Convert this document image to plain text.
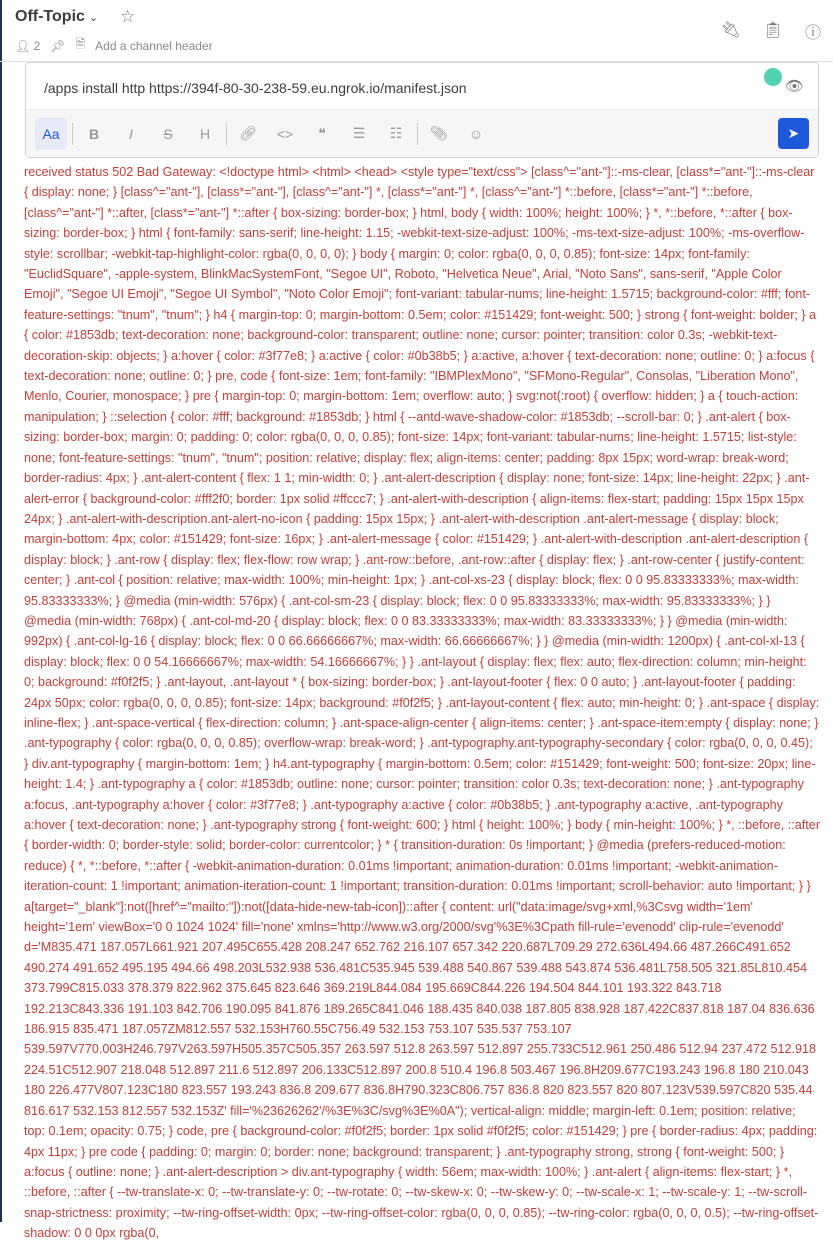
Off-Topic ⌄ ☆
👤︎ 2 📌︎ 🗎 Add a channel header
🔌︎ 📋︎ ⓘ
/apps install http https://394f-80-30-238-59.eu.ngrok.io/manifest.json	👁︎
Aa	B	I	S	H	🔗︎	<>	❝	☰	☷	📎︎	☺	➤
received status 502 Bad Gateway: <!doctype html> <html> <head> <style type="text/css"> [class^="ant-"]::-ms-clear, [class*="ant-"]::-ms-clear { display: none; } [class^="ant-"], [class*="ant-"], [class^="ant-"] *, [class*="ant-"] *, [class^="ant-"] *::before, [class*="ant-"] *::before, [class^="ant-"] *::after, [class*="ant-"] *::after { box-sizing: border-box; } html, body { width: 100%; height: 100%; } *, *::before, *::after { box-sizing: border-box; } html { font-family: sans-serif; line-height: 1.15; -webkit-text-size-adjust: 100%; -ms-text-size-adjust: 100%; -ms-overflow-style: scrollbar; -webkit-tap-highlight-color: rgba(0, 0, 0, 0); } body { margin: 0; color: rgba(0, 0, 0, 0.85); font-size: 14px; font-family: "EuclidSquare", -apple-system, BlinkMacSystemFont, "Segoe UI", Roboto, "Helvetica Neue", Arial, "Noto Sans", sans-serif, "Apple Color Emoji", "Segoe UI Emoji", "Segoe UI Symbol", "Noto Color Emoji"; font-variant: tabular-nums; line-height: 1.5715; background-color: #fff; font-feature-settings: "tnum", "tnum"; } h4 { margin-top: 0; margin-bottom: 0.5em; color: #151429; font-weight: 500; } strong { font-weight: bolder; } a { color: #1853db; text-decoration: none; background-color: transparent; outline: none; cursor: pointer; transition: color 0.3s; -webkit-text-decoration-skip: objects; } a:hover { color: #3f77e8; } a:active { color: #0b38b5; } a:active, a:hover { text-decoration: none; outline: 0; } a:focus { text-decoration: none; outline: 0; } pre, code { font-size: 1em; font-family: "IBMPlexMono", "SFMono-Regular", Consolas, "Liberation Mono", Menlo, Courier, monospace; } pre { margin-top: 0; margin-bottom: 1em; overflow: auto; } svg:not(:root) { overflow: hidden; } a { touch-action: manipulation; } ::selection { color: #fff; background: #1853db; } html { --antd-wave-shadow-color: #1853db; --scroll-bar: 0; } .ant-alert { box-sizing: border-box; margin: 0; padding: 0; color: rgba(0, 0, 0, 0.85); font-size: 14px; font-variant: tabular-nums; line-height: 1.5715; list-style: none; font-feature-settings: "tnum", "tnum"; position: relative; display: flex; align-items: center; padding: 8px 15px; word-wrap: break-word; border-radius: 4px; } .ant-alert-content { flex: 1 1; min-width: 0; } .ant-alert-description { display: none; font-size: 14px; line-height: 22px; } .ant-alert-error { background-color: #fff2f0; border: 1px solid #ffccc7; } .ant-alert-with-description { align-items: flex-start; padding: 15px 15px 15px 24px; } .ant-alert-with-description.ant-alert-no-icon { padding: 15px 15px; } .ant-alert-with-description .ant-alert-message { display: block; margin-bottom: 4px; color: #151429; font-size: 16px; } .ant-alert-message { color: #151429; } .ant-alert-with-description .ant-alert-description { display: block; } .ant-row { display: flex; flex-flow: row wrap; } .ant-row::before, .ant-row::after { display: flex; } .ant-row-center { justify-content: center; } .ant-col { position: relative; max-width: 100%; min-height: 1px; } .ant-col-xs-23 { display: block; flex: 0 0 95.83333333%; max-width: 95.83333333%; } @media (min-width: 576px) { .ant-col-sm-23 { display: block; flex: 0 0 95.83333333%; max-width: 95.83333333%; } } @media (min-width: 768px) { .ant-col-md-20 { display: block; flex: 0 0 83.33333333%; max-width: 83.33333333%; } } @media (min-width: 992px) { .ant-col-lg-16 { display: block; flex: 0 0 66.66666667%; max-width: 66.66666667%; } } @media (min-width: 1200px) { .ant-col-xl-13 { display: block; flex: 0 0 54.16666667%; max-width: 54.16666667%; } } .ant-layout { display: flex; flex: auto; flex-direction: column; min-height: 0; background: #f0f2f5; } .ant-layout, .ant-layout * { box-sizing: border-box; } .ant-layout-footer { flex: 0 0 auto; } .ant-layout-footer { padding: 24px 50px; color: rgba(0, 0, 0, 0.85); font-size: 14px; background: #f0f2f5; } .ant-layout-content { flex: auto; min-height: 0; } .ant-space { display: inline-flex; } .ant-space-vertical { flex-direction: column; } .ant-space-align-center { align-items: center; } .ant-space-item:empty { display: none; } .ant-typography { color: rgba(0, 0, 0, 0.85); overflow-wrap: break-word; } .ant-typography.ant-typography-secondary { color: rgba(0, 0, 0, 0.45); } div.ant-typography { margin-bottom: 1em; } h4.ant-typography { margin-bottom: 0.5em; color: #151429; font-weight: 500; font-size: 20px; line-height: 1.4; } .ant-typography a { color: #1853db; outline: none; cursor: pointer; transition: color 0.3s; text-decoration: none; } .ant-typography a:focus, .ant-typography a:hover { color: #3f77e8; } .ant-typography a:active { color: #0b38b5; } .ant-typography a:active, .ant-typography a:hover { text-decoration: none; } .ant-typography strong { font-weight: 600; } html { height: 100%; } body { min-height: 100%; } *, ::before, ::after { border-width: 0; border-style: solid; border-color: currentcolor; } * { transition-duration: 0s !important; } @media (prefers-reduced-motion: reduce) { *, *::before, *::after { -webkit-animation-duration: 0.01ms !important; animation-duration: 0.01ms !important; -webkit-animation-iteration-count: 1 !important; animation-iteration-count: 1 !important; transition-duration: 0.01ms !important; scroll-behavior: auto !important; } } a[target="_blank"]:not([href^="mailto:"]):not([data-hide-new-tab-icon])::after { content: url("data:image/svg+xml,%3Csvg width='1em' height='1em' viewBox='0 0 1024 1024' fill='none' xmlns='http://www.w3.org/2000/svg'%3E%3Cpath fill-rule='evenodd' clip-rule='evenodd' d='M835.471 187.057L661.921 207.495C655.428 208.247 652.762 216.107 657.342 220.687L709.29 272.636L494.66 487.266C491.652 490.274 491.652 495.195 494.66 498.203L532.938 536.481C535.945 539.488 540.867 539.488 543.874 536.481L758.505 321.85L810.454 373.799C815.033 378.379 822.962 375.645 823.646 369.219L844.084 195.669C844.226 194.504 844.101 193.322 843.718 192.213C843.336 191.103 842.706 190.095 841.876 189.265C841.046 188.435 840.038 187.805 838.928 187.422C837.818 187.04 836.636 186.915 835.471 187.057ZM812.557 532.153H760.55C756.49 532.153 753.107 535.537 753.107 539.597V770.003H246.797V263.597H505.357C505.357 263.597 512.8 263.597 512.897 255.733C512.961 250.486 512.94 237.472 512.918 224.51C512.907 218.048 512.897 211.6 512.897 206.133C512.897 200.8 510.4 196.8 503.467 196.8H209.677C193.243 196.8 180 210.043 180 226.477V807.123C180 823.557 193.243 836.8 209.677 836.8H790.323C806.757 836.8 820 823.557 820 807.123V539.597C820 535.44 816.617 532.153 812.557 532.153Z' fill='%23626262'/%3E%3C/svg%3E%0A"); vertical-align: middle; margin-left: 0.1em; position: relative; top: 0.1em; opacity: 0.75; } code, pre { background-color: #f0f2f5; border: 1px solid #f0f2f5; color: #151429; } pre { border-radius: 4px; padding: 4px 11px; } pre code { padding: 0; margin: 0; border: none; background: transparent; } .ant-typography strong, strong { font-weight: 500; } a:focus { outline: none; } .ant-alert-description > div.ant-typography { width: 56em; max-width: 100%; } .ant-alert { align-items: flex-start; } *, ::before, ::after { --tw-translate-x: 0; --tw-translate-y: 0; --tw-rotate: 0; --tw-skew-x: 0; --tw-skew-y: 0; --tw-scale-x: 1; --tw-scale-y: 1; --tw-scroll-snap-strictness: proximity; --tw-ring-offset-width: 0px; --tw-ring-offset-color: rgba(0, 0, 0, 0.85); --tw-ring-color: rgba(0, 0, 0, 0.5); --tw-ring-offset-shadow: 0 0 0px rgba(0,
